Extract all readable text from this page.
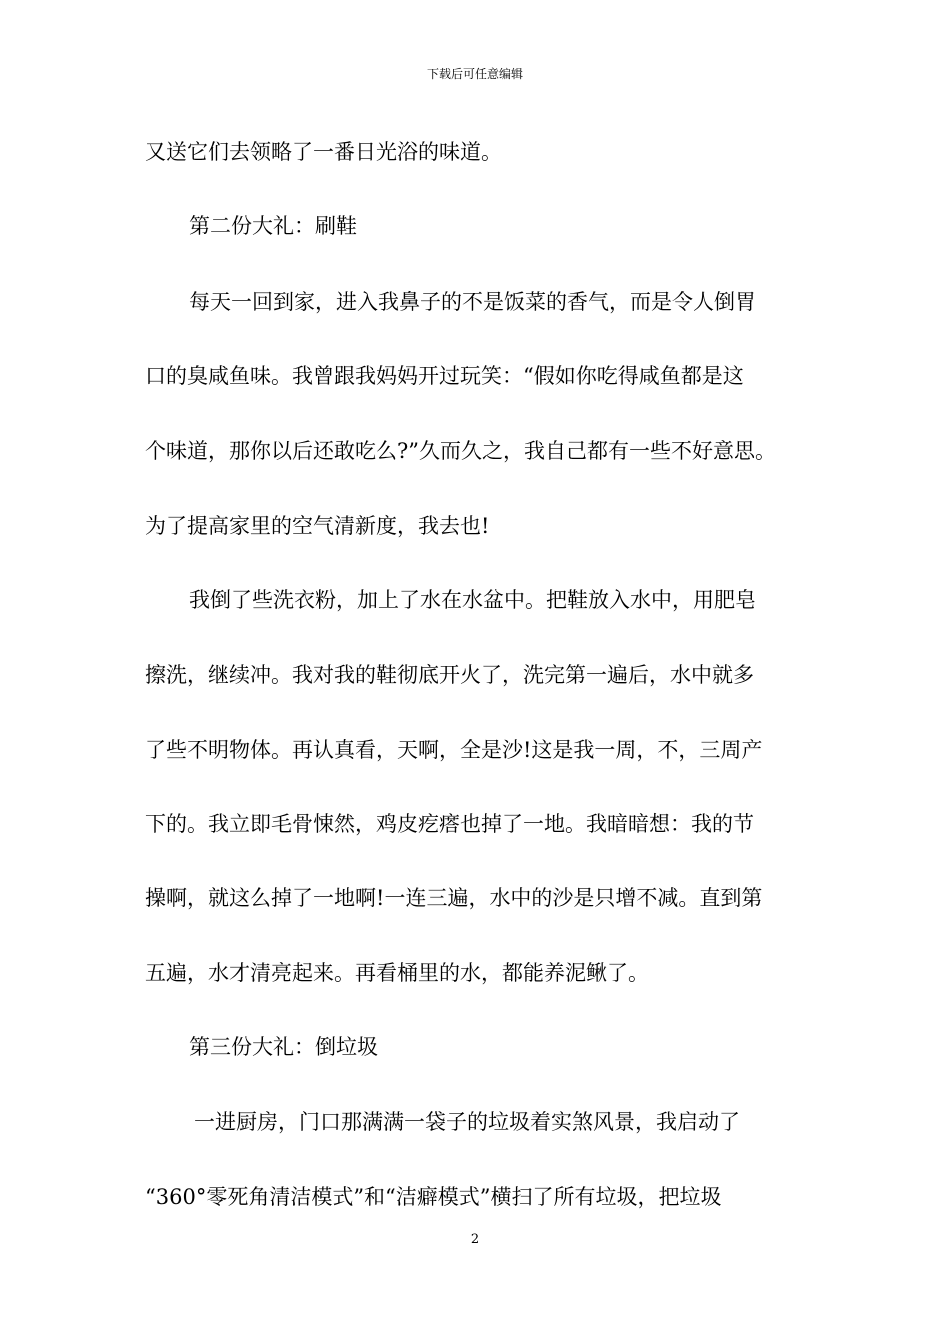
下载后可任意编辑
又送它们去领略了一番日光浴的味道。
第二份大礼：刷鞋
每天一回到家，进入我鼻子的不是饭菜的香气，而是令人倒胃
口的臭咸鱼味。我曾跟我妈妈开过玩笑：“假如你吃得咸鱼都是这
个味道，那你以后还敢吃么?”久而久之，我自己都有一些不好意思。
为了提高家里的空气清新度，我去也!
我倒了些洗衣粉，加上了水在水盆中。把鞋放入水中，用肥皂
擦洗，继续冲。我对我的鞋彻底开火了，洗完第一遍后，水中就多
了些不明物体。再认真看，天啊，全是沙!这是我一周，不，三周产
下的。我立即毛骨悚然，鸡皮疙瘩也掉了一地。我暗暗想：我的节
操啊，就这么掉了一地啊!一连三遍，水中的沙是只增不减。直到第
五遍，水才清亮起来。再看桶里的水，都能养泥鳅了。
第三份大礼：倒垃圾
一进厨房，门口那满满一袋子的垃圾着实煞风景，我启动了
“360°零死角清洁模式”和“洁癖模式”横扫了所有垃圾，把垃圾
2
